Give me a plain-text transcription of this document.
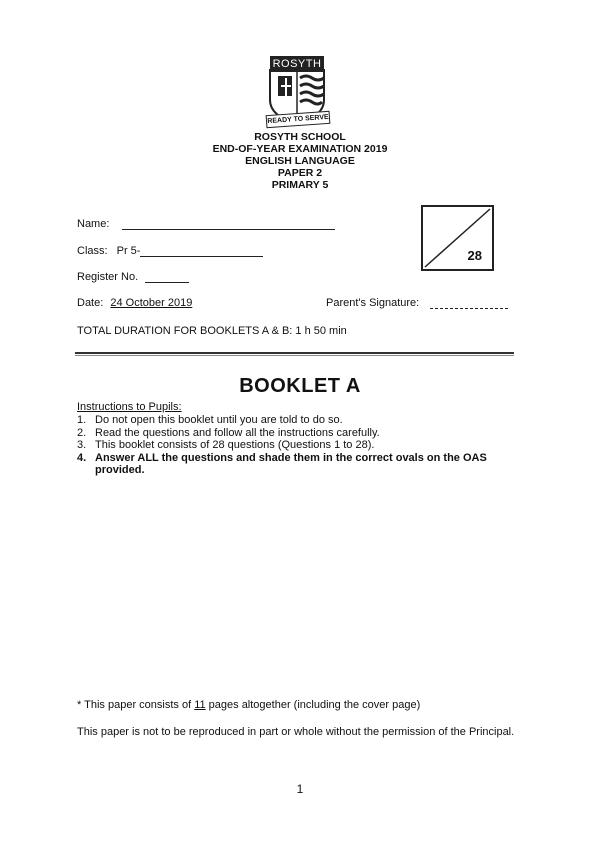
ROSYTH
READY TO SERVE
ROSYTH SCHOOL
END-OF-YEAR EXAMINATION 2019
ENGLISH LANGUAGE
PAPER 2
PRIMARY 5
Name:
Class: Pr 5-
Register No.
Date: 24 October 2019	Parent's Signature:
TOTAL DURATION FOR BOOKLETS A & B: 1 h 50 min
28
BOOKLET A
Instructions to Pupils:
1. Do not open this booklet until you are told to do so.
2. Read the questions and follow all the instructions carefully.
3. This booklet consists of 28 questions (Questions 1 to 28).
4. Answer ALL the questions and shade them in the correct ovals on the OAS provided.
* This paper consists of 11 pages altogether (including the cover page)
This paper is not to be reproduced in part or whole without the permission of the Principal.
1
